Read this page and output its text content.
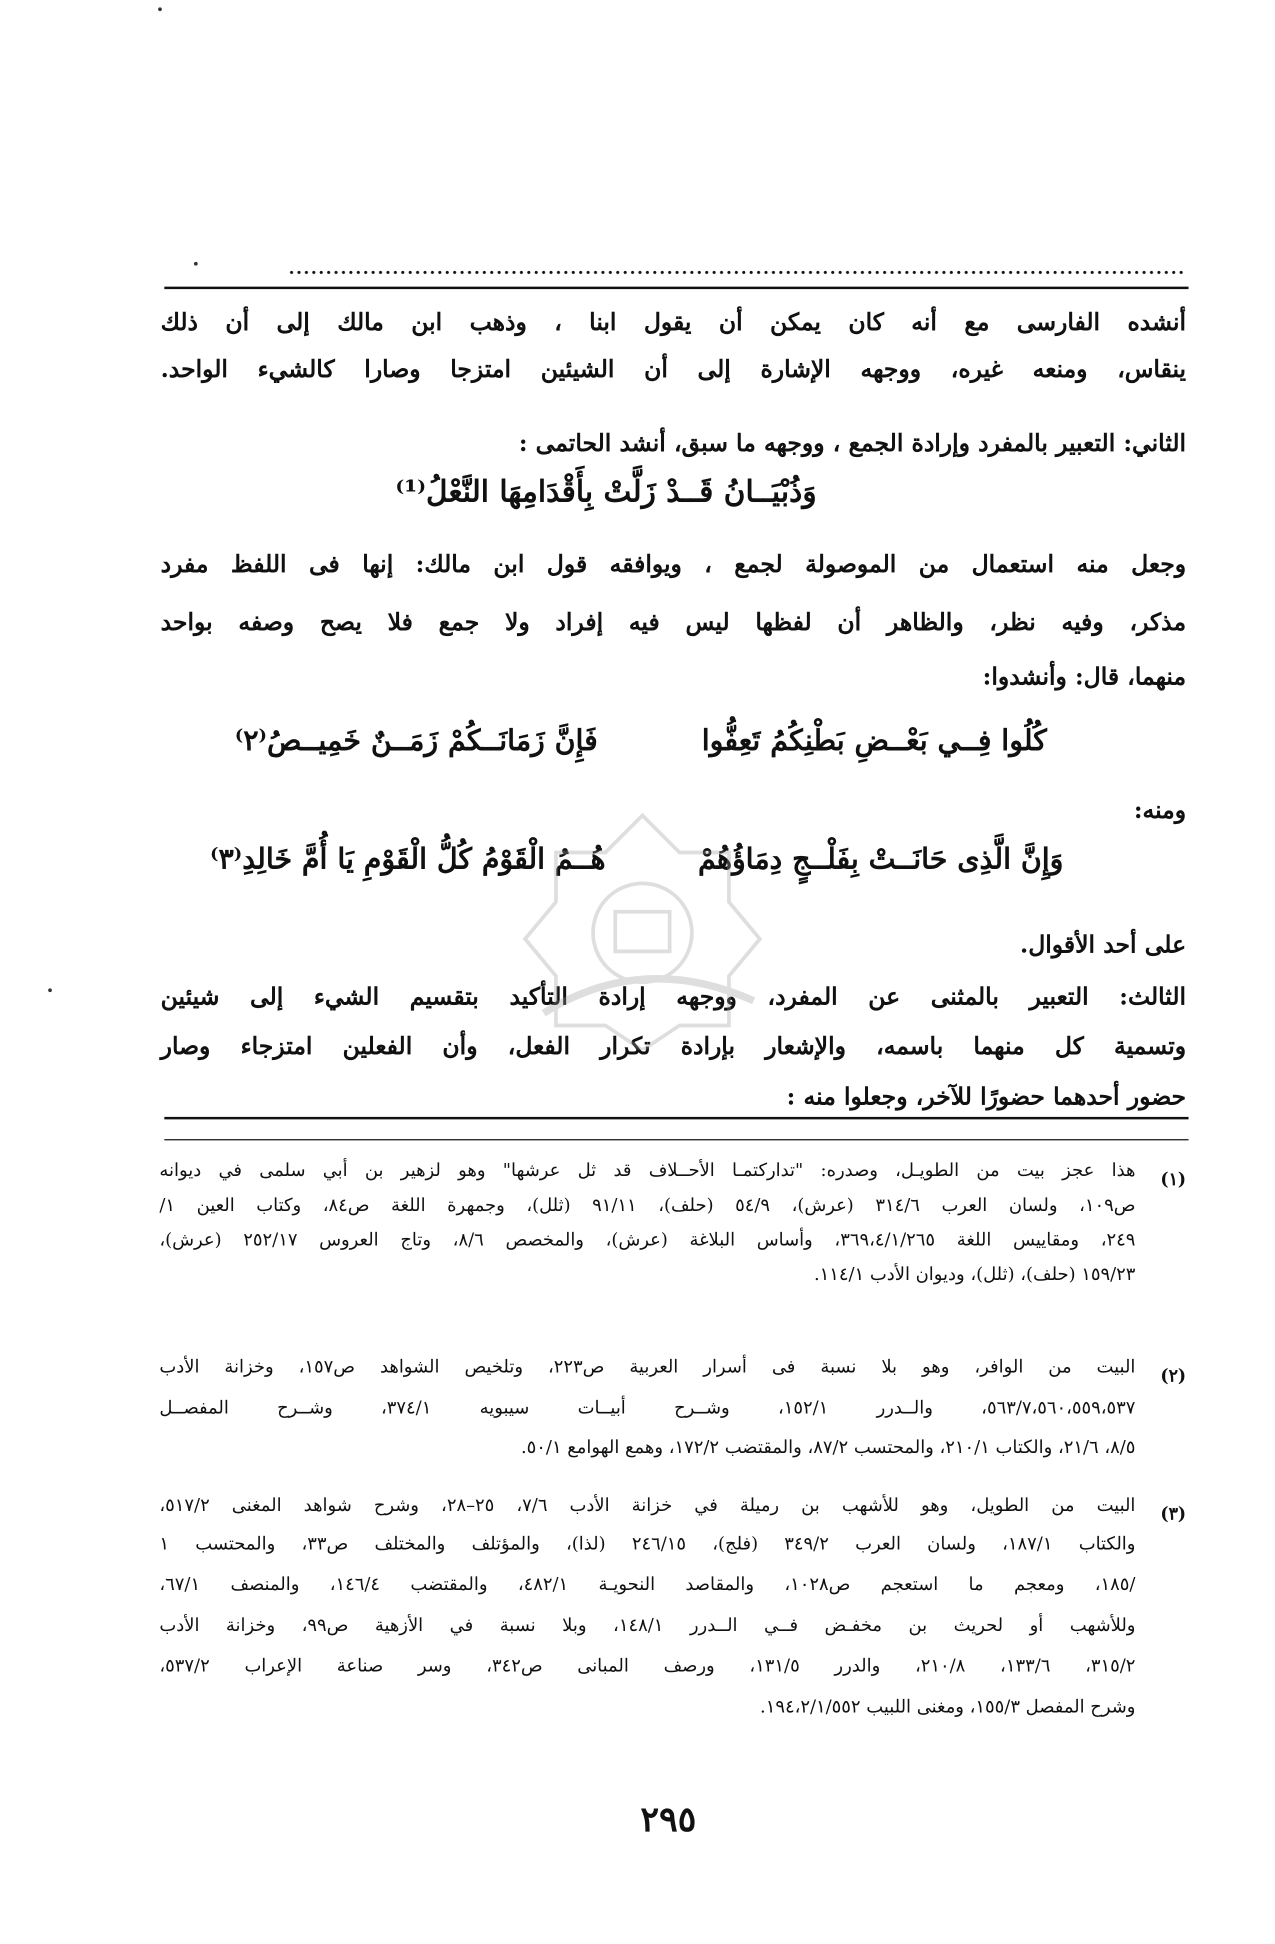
أنشده الفارسى مع أنه كان يمكن أن يقول ابنا ، وذهب ابن مالك إلى أن ذلك
ينقاس، ومنعه غيره، ووجهه الإشارة إلى أن الشيئين امتزجا وصارا كالشيء الواحد.
الثاني: التعبير بالمفرد وإرادة الجمع ، ووجهه ما سبق، أنشد الحاتمى :
وَذُبْيَــانُ قَــدْ زَلَّتْ بِأَقْدَامِهَا النَّعْلُ⁽¹⁾
وجعل منه استعمال من الموصولة لجمع ، ويوافقه قول ابن مالك: إنها فى اللفظ مفرد
مذكر، وفيه نظر، والظاهر أن لفظها ليس فيه إفراد ولا جمع فلا يصح وصفه بواحد
منهما، قال: وأنشدوا:
فَإِنَّ زَمَانَــكُمْ زَمَــنٌ خَمِيــصُ⁽٢⁾	كُلُوا فِــي بَعْــضِ بَطْنِكُمُ تَعِفُّوا
ومنه:
هُــمُ الْقَوْمُ كُلُّ الْقَوْمِ يَا أُمَّ خَالِدِ⁽٣⁾	وَإِنَّ الَّذِى حَانَــتْ بِفَلْــجٍ دِمَاؤُهُمْ
على أحد الأقوال.
الثالث: التعبير بالمثنى عن المفرد، ووجهه إرادة التأكيد بتقسيم الشيء إلى شيئين
وتسمية كل منهما باسمه، والإشعار بإرادة تكرار الفعل، وأن الفعلين امتزجاء وصار
حضور أحدهما حضورًا للآخر، وجعلوا منه :
(١)
هذا عجز بيت من الطويـل، وصدره: "تداركتمـا الأحــلاف قد ثل عرشها" وهو لزهير بن أبي سلمى في ديوانه
ص١٠٩، ولسان العرب ٣١٤/٦ (عرش)، ٥٤/٩ (حلف)، ٩١/١١ (ثلل)، وجمهرة اللغة ص٨٤، وكتاب العين ١/
٢٤٩، ومقاييس اللغة ٣٦٩،٤/١/٢٦٥، وأساس البلاغة (عرش)، والمخصص ٨/٦، وتاج العروس ٢٥٢/١٧ (عرش)،
١٥٩/٢٣ (حلف)، (ثلل)، وديوان الأدب ١١٤/١.
(٢)
البيت من الوافر، وهو بلا نسبة فى أسرار العربية ص٢٢٣، وتلخيص الشواهد ص١٥٧، وخزانة الأدب
٥٦٣/٧،٥٦٠،٥٥٩،٥٣٧، والــدرر ١٥٢/١، وشــرح أبيــات سيبويه ٣٧٤/١، وشــرح المفصــل
٨/٥، ٢١/٦، والكتاب ٢١٠/١، والمحتسب ٨٧/٢، والمقتضب ١٧٢/٢، وهمع الهوامع ٥٠/١.
(٣)
البيت من الطويل، وهو للأشهب بن رميلة في خزانة الأدب ٧/٦، ٢٥–٢٨، وشرح شواهد المغنى ٥١٧/٢،
والكتاب ١٨٧/١، ولسان العرب ٣٤٩/٢ (فلج)، ٢٤٦/١٥ (لذا)، والمؤتلف والمختلف ص٣٣، والمحتسب ١
/١٨٥، ومعجم ما استعجم ص١٠٢٨، والمقاصد النحويـة ٤٨٢/١، والمقتضب ١٤٦/٤، والمنصف ٦٧/١،
وللأشهب أو لحريث بن مخفـض فــي الــدرر ١٤٨/١، وبلا نسبة في الأزهية ص٩٩، وخزانة الأدب
٣١٥/٢، ١٣٣/٦، ٢١٠/٨، والدرر ١٣١/٥، ورصف المبانى ص٣٤٢، وسر صناعة الإعراب ٥٣٧/٢،
وشرح المفصل ١٥٥/٣، ومغنى اللبيب ١٩٤،٢/١/٥٥٢.
٢٩٥
